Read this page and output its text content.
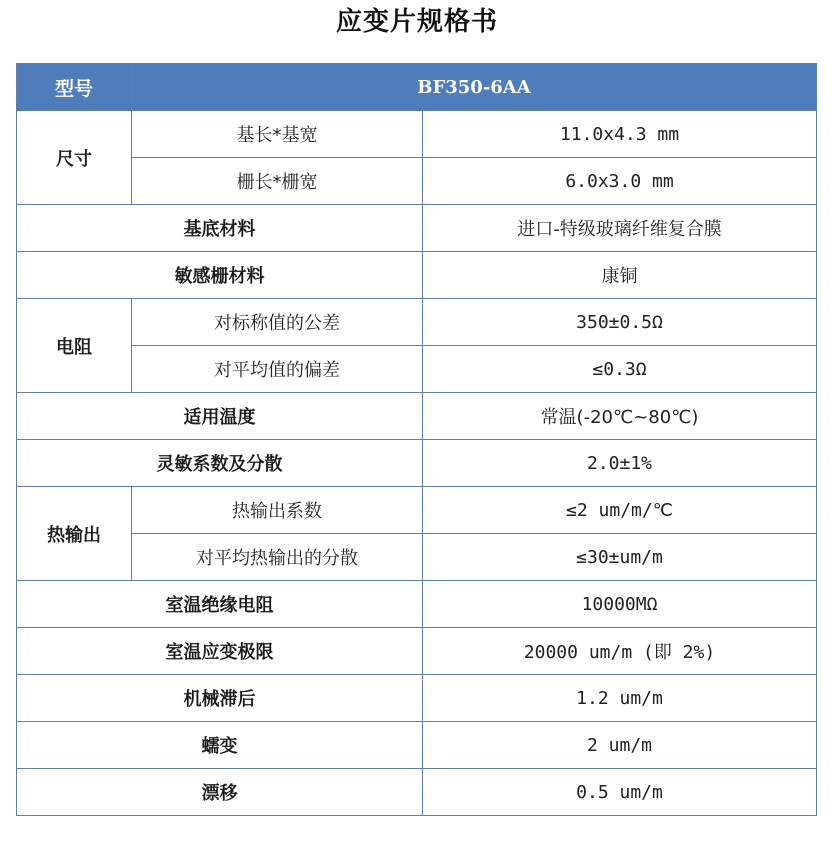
应变片规格书
型号	BF350-6AA	
尺寸	基长*基宽	11.0x4.3 mm
	栅长*栅宽	6.0x3.0 mm
基底材料		进口-特级玻璃纤维复合膜
敏感栅材料		康铜
电阻	对标称值的公差	350±0.5Ω
	对平均值的偏差	≤0.3Ω
适用温度		常温(-20℃~80℃)
灵敏系数及分散		2.0±1%
热输出	热输出系数	≤2 um/m/℃
	对平均热输出的分散	≤30±um/m
室温绝缘电阻		10000MΩ
室温应变极限		20000 um/m (即 2%)
机械滞后		1.2 um/m
蠕变		2 um/m
漂移		0.5 um/m
